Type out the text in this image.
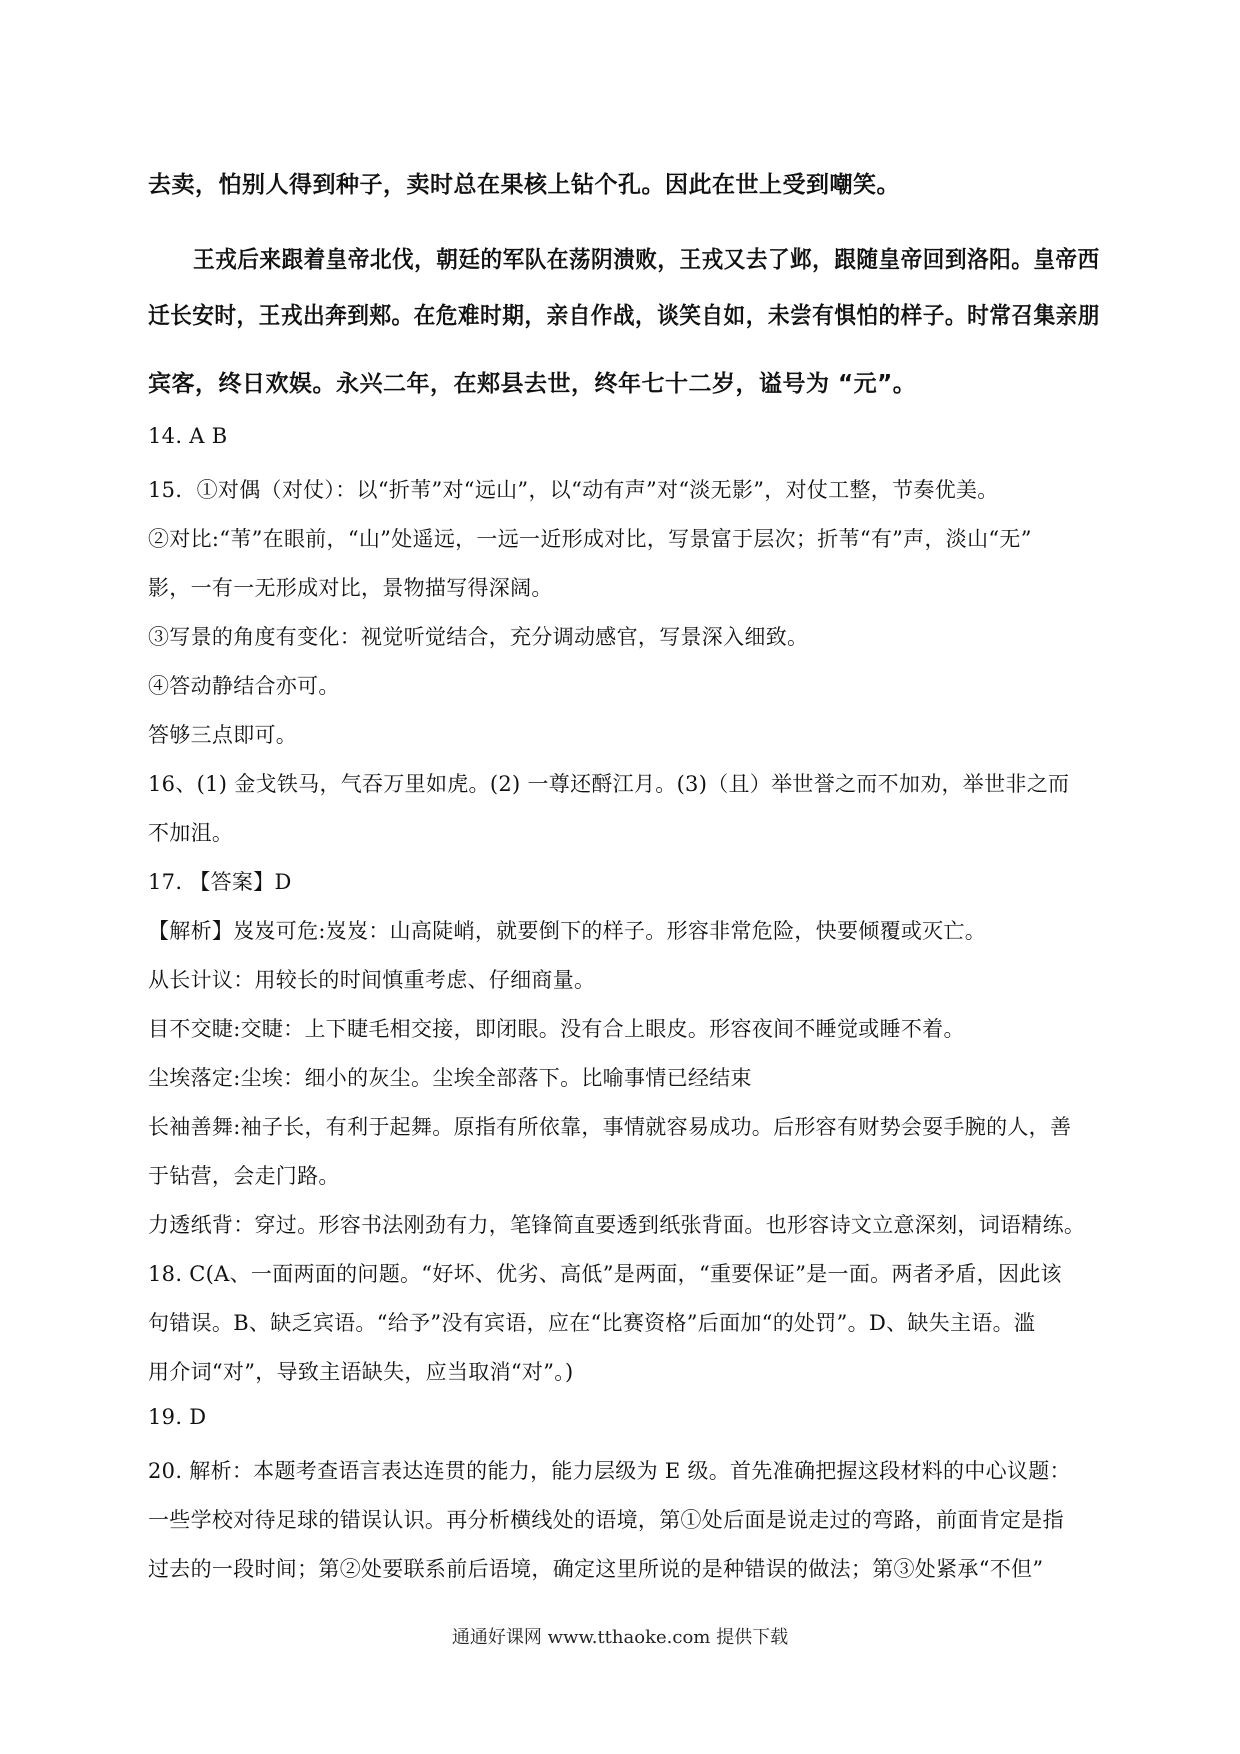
去卖，怕别人得到种子，卖时总在果核上钻个孔。因此在世上受到嘲笑。
王戎后来跟着皇帝北伐，朝廷的军队在荡阴溃败，王戎又去了邺，跟随皇帝回到洛阳。皇帝西
迁长安时，王戎出奔到郏。在危难时期，亲自作战，谈笑自如，未尝有惧怕的样子。时常召集亲朋
宾客，终日欢娱。永兴二年，在郏县去世，终年七十二岁，谥号为 “元”。
14. A B
15．①对偶（对仗）：以“折苇”对“远山”，以“动有声”对“淡无影”，对仗工整，节奏优美。
②对比:“苇”在眼前，“山”处遥远，一远一近形成对比，写景富于层次；折苇“有”声，淡山“无”
影，一有一无形成对比，景物描写得深阔。
③写景的角度有变化：视觉听觉结合，充分调动感官，写景深入细致。
④答动静结合亦可。
答够三点即可。
16、(1) 金戈铁马，气吞万里如虎。(2) 一尊还酹江月。(3)（且）举世誉之而不加劝，举世非之而
不加沮。
17. 【答案】D
【解析】岌岌可危:岌岌：山高陡峭，就要倒下的样子。形容非常危险，快要倾覆或灭亡。
从长计议：用较长的时间慎重考虑、仔细商量。
目不交睫:交睫：上下睫毛相交接，即闭眼。没有合上眼皮。形容夜间不睡觉或睡不着。
尘埃落定:尘埃：细小的灰尘。尘埃全部落下。比喻事情已经结束
长袖善舞:袖子长，有利于起舞。原指有所依靠，事情就容易成功。后形容有财势会耍手腕的人，善
于钻营，会走门路。
力透纸背：穿过。形容书法刚劲有力，笔锋简直要透到纸张背面。也形容诗文立意深刻，词语精练。
18. C(A、一面两面的问题。“好坏、优劣、高低”是两面，“重要保证”是一面。两者矛盾，因此该
句错误。B、缺乏宾语。“给予”没有宾语，应在“比赛资格”后面加“的处罚”。D、缺失主语。滥
用介词“对”，导致主语缺失，应当取消“对”。)
19. D
20. 解析：本题考查语言表达连贯的能力，能力层级为 E 级。首先准确把握这段材料的中心议题：
一些学校对待足球的错误认识。再分析横线处的语境，第①处后面是说走过的弯路，前面肯定是指
过去的一段时间；第②处要联系前后语境，确定这里所说的是种错误的做法；第③处紧承“不但”
通通好课网 www.tthaoke.com 提供下载
